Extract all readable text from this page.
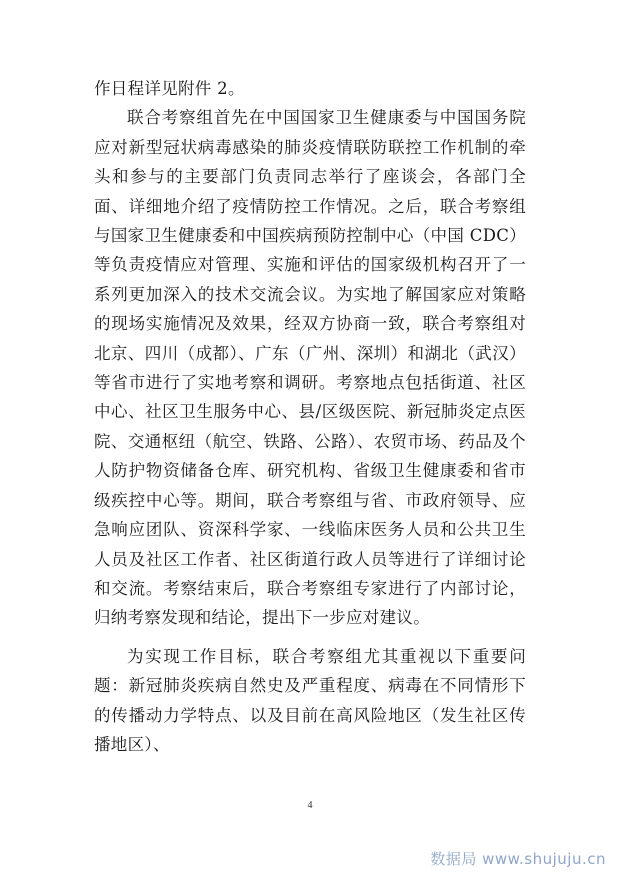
作日程详见附件 2。

联合考察组首先在中国国家卫生健康委与中国国务院应对新型冠状病毒感染的肺炎疫情联防联控工作机制的牵头和参与的主要部门负责同志举行了座谈会，各部门全面、详细地介绍了疫情防控工作情况。之后，联合考察组与国家卫生健康委和中国疾病预防控制中心（中国 CDC）等负责疫情应对管理、实施和评估的国家级机构召开了一系列更加深入的技术交流会议。为实地了解国家应对策略的现场实施情况及效果，经双方协商一致，联合考察组对北京、四川（成都）、广东（广州、深圳）和湖北（武汉）等省市进行了实地考察和调研。考察地点包括街道、社区中心、社区卫生服务中心、县/区级医院、新冠肺炎定点医院、交通枢纽（航空、铁路、公路）、农贸市场、药品及个人防护物资储备仓库、研究机构、省级卫生健康委和省市级疾控中心等。期间，联合考察组与省、市政府领导、应急响应团队、资深科学家、一线临床医务人员和公共卫生人员及社区工作者、社区街道行政人员等进行了详细讨论和交流。考察结束后，联合考察组专家进行了内部讨论，归纳考察发现和结论，提出下一步应对建议。

为实现工作目标，联合考察组尤其重视以下重要问题：新冠肺炎疾病自然史及严重程度、病毒在不同情形下的传播动力学特点、以及目前在高风险地区（发生社区传播地区）、

4
数据局 www.shujuju.cn
